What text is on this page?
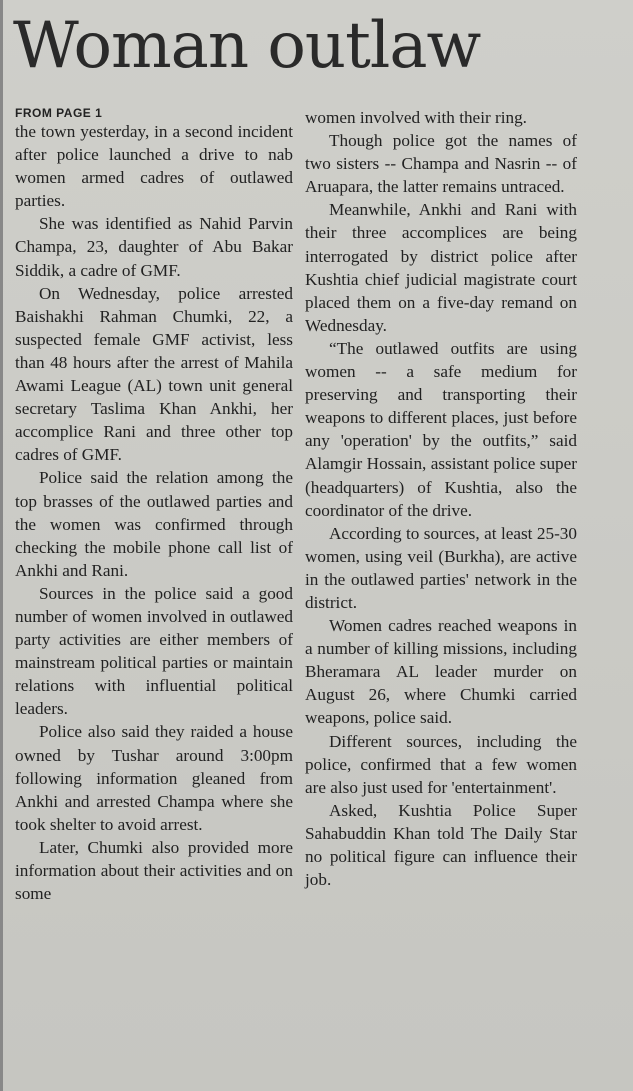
Woman outlaw

FROM PAGE 1

the town yesterday, in a second incident after police launched a drive to nab women armed cadres of outlawed parties.

She was identified as Nahid Parvin Champa, 23, daughter of Abu Bakar Siddik, a cadre of GMF.

On Wednesday, police arrested Baishakhi Rahman Chumki, 22, a suspected female GMF activist, less than 48 hours after the arrest of Mahila Awami League (AL) town unit general secretary Taslima Khan Ankhi, her accomplice Rani and three other top cadres of GMF.

Police said the relation among the top brasses of the outlawed parties and the women was confirmed through checking the mobile phone call list of Ankhi and Rani.

Sources in the police said a good number of women involved in outlawed party activities are either members of mainstream political parties or maintain relations with influential political leaders.

Police also said they raided a house owned by Tushar around 3:00pm following information gleaned from Ankhi and arrested Champa where she took shelter to avoid arrest.

Later, Chumki also provided more information about their activities and on some

women involved with their ring.

Though police got the names of two sisters -- Champa and Nasrin -- of Aruapara, the latter remains untraced.

Meanwhile, Ankhi and Rani with their three accomplices are being interrogated by district police after Kushtia chief judicial magistrate court placed them on a five-day remand on Wednesday.

“The outlawed outfits are using women -- a safe medium for preserving and transporting their weapons to different places, just before any 'operation' by the outfits,” said Alamgir Hossain, assistant police super (headquarters) of Kushtia, also the coordinator of the drive.

According to sources, at least 25-30 women, using veil (Burkha), are active in the outlawed parties' network in the district.

Women cadres reached weapons in a number of killing missions, including Bheramara AL leader murder on August 26, where Chumki carried weapons, police said.

Different sources, including the police, confirmed that a few women are also just used for 'entertainment'.

Asked, Kushtia Police Super Sahabuddin Khan told The Daily Star no political figure can influence their job.
